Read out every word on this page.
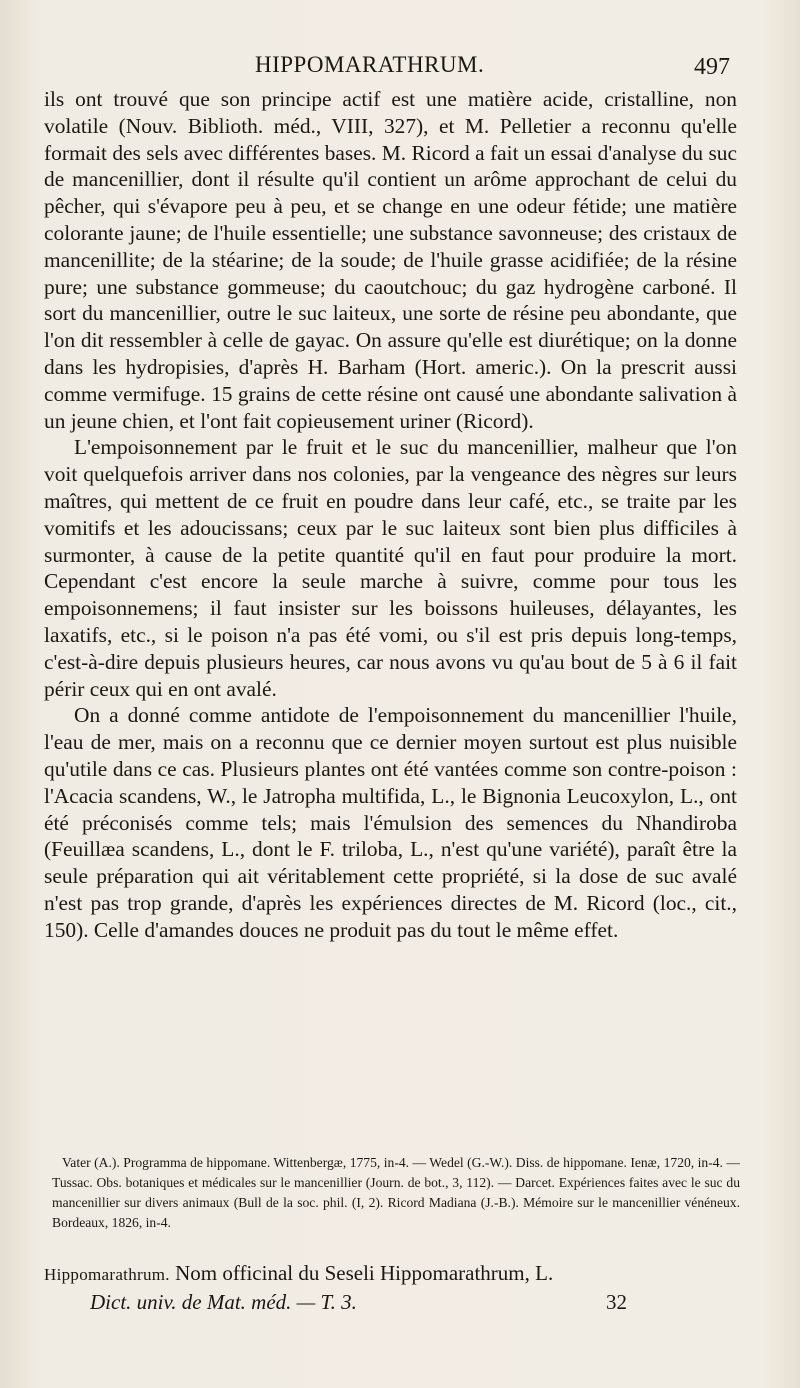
HIPPOMARATHRUM.	497

ils ont trouvé que son principe actif est une matière acide, cristalline, non volatile (Nouv. Biblioth. méd., VIII, 327), et M. Pelletier a reconnu qu'elle formait des sels avec différentes bases. M. Ricord a fait un essai d'analyse du suc de mancenillier, dont il résulte qu'il contient un arôme approchant de celui du pêcher, qui s'évapore peu à peu, et se change en une odeur fétide; une matière colorante jaune; de l'huile essentielle; une substance savonneuse; des cristaux de mancenillite; de la stéarine; de la soude; de l'huile grasse acidifiée; de la résine pure; une substance gommeuse; du caoutchouc; du gaz hydrogène carboné. Il sort du mancenillier, outre le suc laiteux, une sorte de résine peu abondante, que l'on dit ressembler à celle de gayac. On assure qu'elle est diurétique; on la donne dans les hydropisies, d'après H. Barham (Hort. americ.). On la prescrit aussi comme vermifuge. 15 grains de cette résine ont causé une abondante salivation à un jeune chien, et l'ont fait copieusement uriner (Ricord).

L'empoisonnement par le fruit et le suc du mancenillier, malheur que l'on voit quelquefois arriver dans nos colonies, par la vengeance des nègres sur leurs maîtres, qui mettent de ce fruit en poudre dans leur café, etc., se traite par les vomitifs et les adoucissans; ceux par le suc laiteux sont bien plus difficiles à surmonter, à cause de la petite quantité qu'il en faut pour produire la mort. Cependant c'est encore la seule marche à suivre, comme pour tous les empoisonnemens; il faut insister sur les boissons huileuses, délayantes, les laxatifs, etc., si le poison n'a pas été vomi, ou s'il est pris depuis long-temps, c'est-à-dire depuis plusieurs heures, car nous avons vu qu'au bout de 5 à 6 il fait périr ceux qui en ont avalé.

On a donné comme antidote de l'empoisonnement du mancenillier l'huile, l'eau de mer, mais on a reconnu que ce dernier moyen surtout est plus nuisible qu'utile dans ce cas. Plusieurs plantes ont été vantées comme son contre-poison : l'Acacia scandens, W., le Jatropha multifida, L., le Bignonia Leucoxylon, L., ont été préconisés comme tels; mais l'émulsion des semences du Nhandiroba (Feuillæa scandens, L., dont le F. triloba, L., n'est qu'une variété), paraît être la seule préparation qui ait véritablement cette propriété, si la dose de suc avalé n'est pas trop grande, d'après les expériences directes de M. Ricord (loc., cit., 150). Celle d'amandes douces ne produit pas du tout le même effet.

Vater (A.). Programma de hippomane. Wittenbergæ, 1775, in-4. — Wedel (G.-W.). Diss. de hippomane. Ienæ, 1720, in-4. — Tussac. Obs. botaniques et médicales sur le mancenillier (Journ. de bot., 3, 112). — Darcet. Expériences faites avec le suc du mancenillier sur divers animaux (Bull de la soc. phil. (I, 2). Ricord Madiana (J.-B.). Mémoire sur le mancenillier vénéneux. Bordeaux, 1826, in-4.

Hippomarathrum. Nom officinal du Seseli Hippomarathrum, L.
Dict. univ. de Mat. méd. — T. 3.	32
